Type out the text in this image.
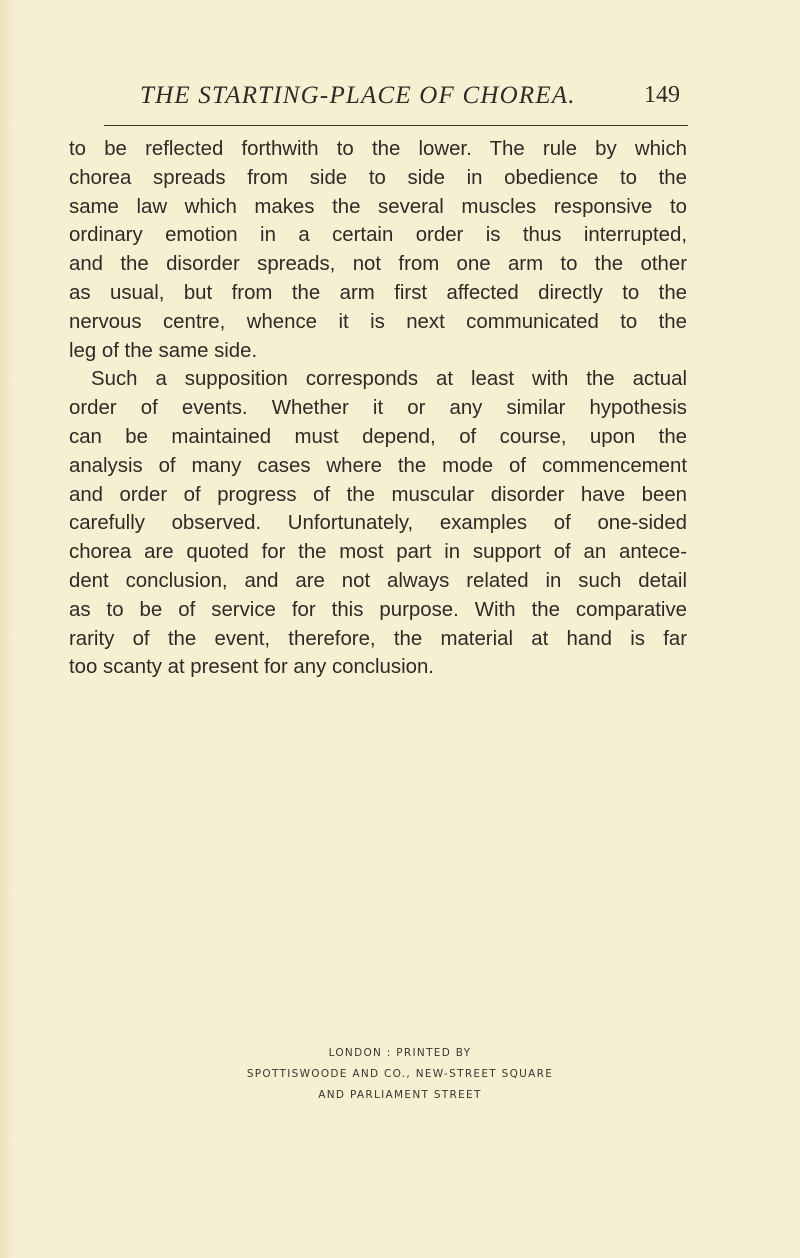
THE STARTING-PLACE OF CHOREA.	149
to be reflected forthwith to the lower. The rule by which
chorea spreads from side to side in obedience to the
same law which makes the several muscles responsive to
ordinary emotion in a certain order is thus interrupted,
and the disorder spreads, not from one arm to the other
as usual, but from the arm first affected directly to the
nervous centre, whence it is next communicated to the
leg of the same side.
Such a supposition corresponds at least with the actual
order of events. Whether it or any similar hypothesis
can be maintained must depend, of course, upon the
analysis of many cases where the mode of commencement
and order of progress of the muscular disorder have been
carefully observed. Unfortunately, examples of one-sided
chorea are quoted for the most part in support of an antece-
dent conclusion, and are not always related in such detail
as to be of service for this purpose. With the comparative
rarity of the event, therefore, the material at hand is far
too scanty at present for any conclusion.
LONDON : PRINTED BY
SPOTTISWOODE AND CO., NEW-STREET SQUARE
AND PARLIAMENT STREET
